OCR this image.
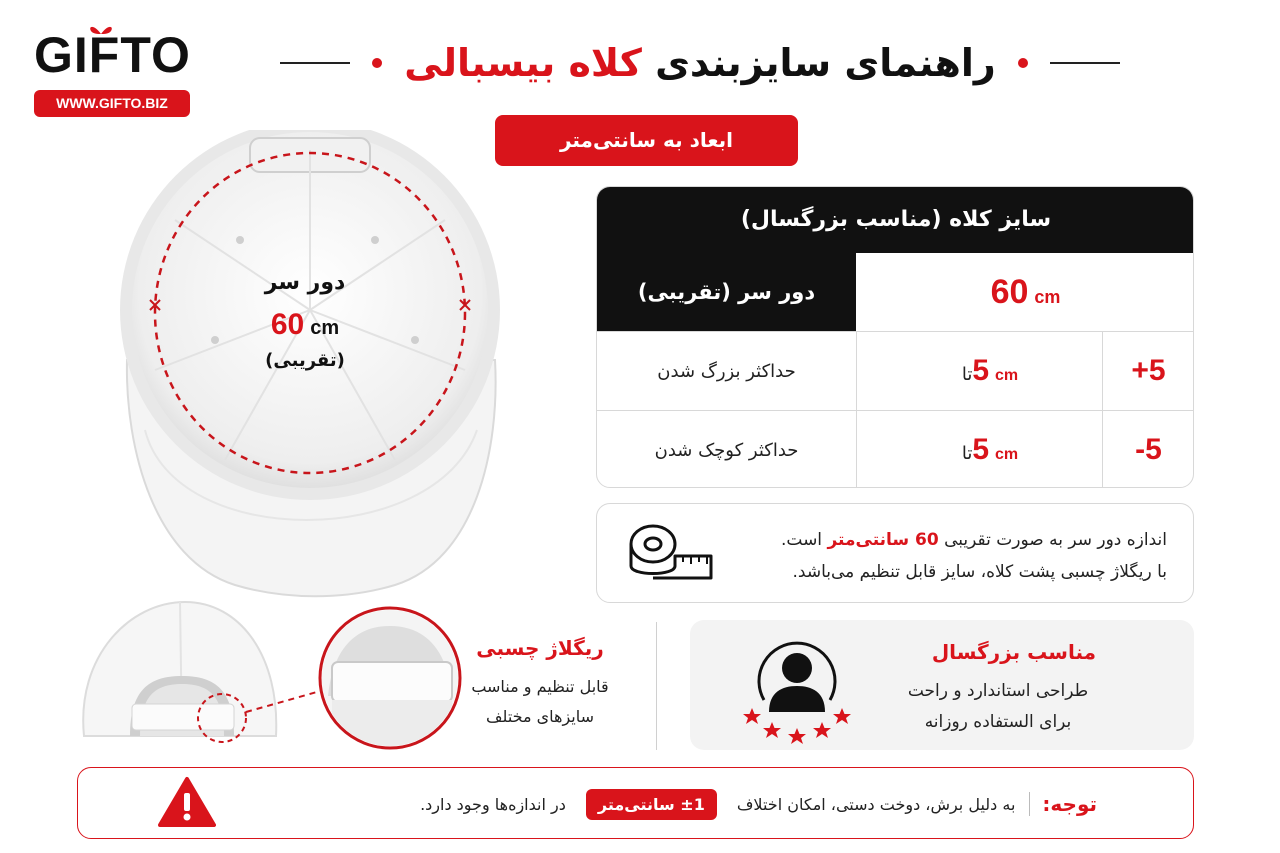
GIFTO
WWW.GIFTO.BIZ
راهنمای سایزبندی کلاه بیسبالی
ابعاد به سانتی‌متر
دور سر
60 cm
(تقریبی)
سایز کلاه (مناسب بزرگسال)
60 cm
دور سر (تقریبی)
+5
تا 5 cm
حداکثر بزرگ شدن
-5
تا 5 cm
حداکثر کوچک شدن
اندازه دور سر به صورت تقریبی 60 سانتی‌متر است.
با ریگلاژ چسبی پشت کلاه، سایز قابل تنظیم می‌باشد.
ریگلاژ چسبی
قابل تنظیم و مناسب
سایزهای مختلف
مناسب بزرگسال
طراحی استاندارد و راحت
برای الستفاده روزانه
توجه:
به دلیل برش، دوخت دستی، امکان اختلاف
±1 سانتی‌متر
در اندازه‌ها وجود دارد.
